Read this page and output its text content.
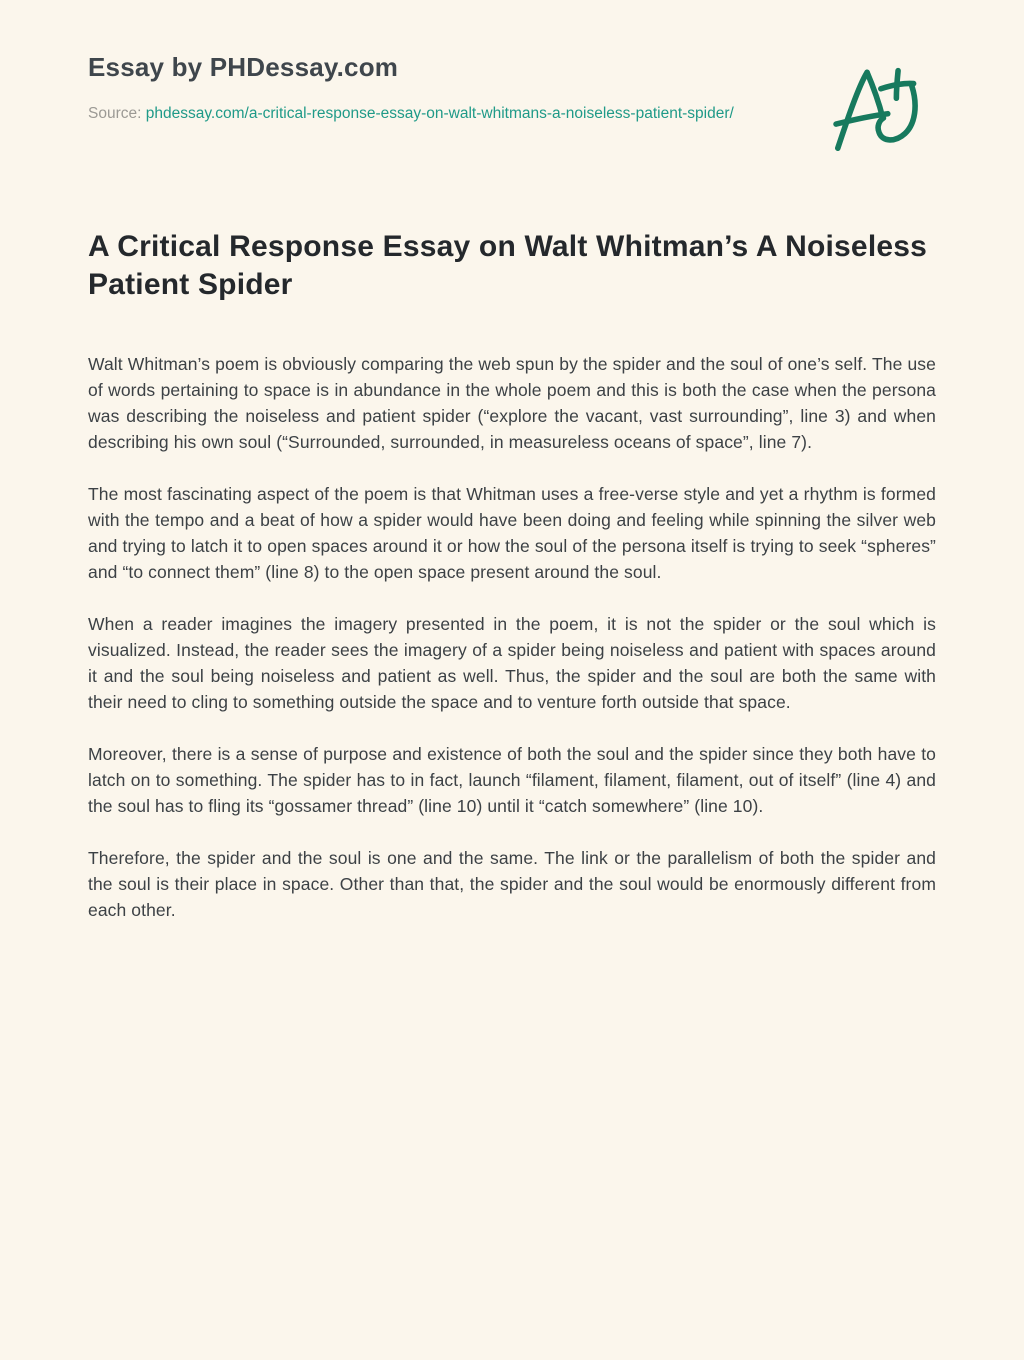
Essay by PHDessay.com

Source: phdessay.com/a-critical-response-essay-on-walt-whitmans-a-noiseless-patient-spider/

A Critical Response Essay on Walt Whitman’s A Noiseless Patient Spider

Walt Whitman’s poem is obviously comparing the web spun by the spider and the soul of one’s self. The use of words pertaining to space is in abundance in the whole poem and this is both the case when the persona was describing the noiseless and patient spider (“explore the vacant, vast surrounding”, line 3) and when describing his own soul (“Surrounded, surrounded, in measureless oceans of space”, line 7).

The most fascinating aspect of the poem is that Whitman uses a free-verse style and yet a rhythm is formed with the tempo and a beat of how a spider would have been doing and feeling while spinning the silver web and trying to latch it to open spaces around it or how the soul of the persona itself is trying to seek “spheres” and “to connect them” (line 8) to the open space present around the soul.

When a reader imagines the imagery presented in the poem, it is not the spider or the soul which is visualized. Instead, the reader sees the imagery of a spider being noiseless and patient with spaces around it and the soul being noiseless and patient as well. Thus, the spider and the soul are both the same with their need to cling to something outside the space and to venture forth outside that space.

Moreover, there is a sense of purpose and existence of both the soul and the spider since they both have to latch on to something. The spider has to in fact, launch “filament, filament, filament, out of itself” (line 4) and the soul has to fling its “gossamer thread” (line 10) until it “catch somewhere” (line 10).

Therefore, the spider and the soul is one and the same. The link or the parallelism of both the spider and the soul is their place in space. Other than that, the spider and the soul would be enormously different from each other.
